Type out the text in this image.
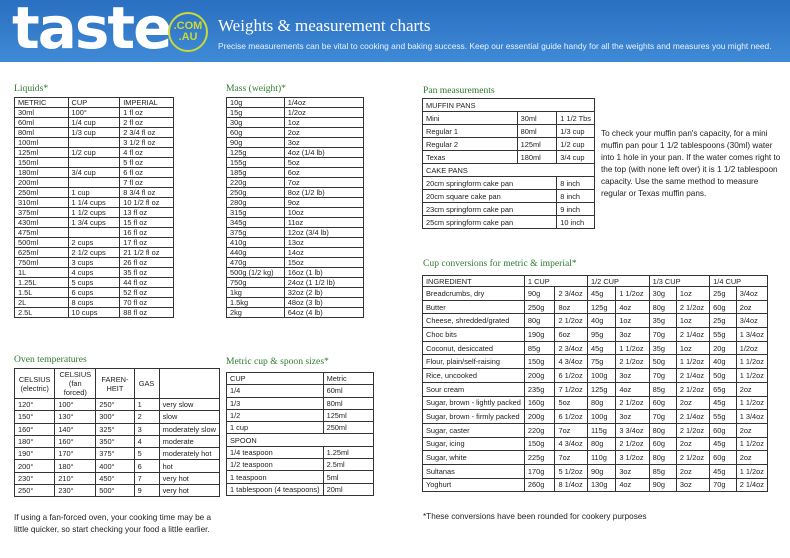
taste .COM
.AU
Weights & measurement charts
Precise measurements can be vital to cooking and baking success. Keep our essential guide handy for all the weights and measures you might need.
Liquids*
METRIC	CUP	IMPERIAL
30ml	100°	1 fl oz
60ml	1/4 cup	2 fl oz
80ml	1/3 cup	2 3/4 fl oz
100ml		3 1/2 fl oz
125ml	1/2 cup	4 fl oz
150ml		5 fl oz
180ml	3/4 cup	6 fl oz
200ml		7 fl oz
250ml	1 cup	8 3/4 fl oz
310ml	1 1/4 cups	10 1/2 fl oz
375ml	1 1/2 cups	13 fl oz
430ml	1 3/4 cups	15 fl oz
475ml		16 fl oz
500ml	2 cups	17 fl oz
625ml	2 1/2 cups	21 1/2 fl oz
750ml	3 cups	26 fl oz
1L	4 cups	35 fl oz
1.25L	5 cups	44 fl oz
1.5L	6 cups	52 fl oz
2L	8 cups	70 fl oz
2.5L	10 cups	88 fl oz
Mass (weight)*
10g	1/4oz
15g	1/2oz
30g	1oz
60g	2oz
90g	3oz
125g	4oz (1/4 lb)
155g	5oz
185g	6oz
220g	7oz
250g	8oz (1/2 lb)
280g	9oz
315g	10oz
345g	11oz
375g	12oz (3/4 lb)
410g	13oz
440g	14oz
470g	15oz
500g (1/2 kg)	16oz (1 lb)
750g	24oz (1 1/2 lb)
1kg	32oz (2 lb)
1.5kg	48oz (3 lb)
2kg	64oz (4 lb)
Pan measurements
MUFFIN PANS		
Mini	30ml	1 1/2 Tbs
Regular 1	80ml	1/3 cup
Regular 2	125ml	1/2 cup
Texas	180ml	3/4 cup
CAKE PANS		
20cm springform cake pan		8 inch
20cm square cake pan		8 inch
23cm springform cake pan		9 inch
25cm springform cake pan		10 inch
To check your muffin pan's capacity, for a mini muffin pan pour 1 1/2 tablespoons (30ml) water into 1 hole in your pan. If the water comes right to the top (with none left over) it is 1 1/2 tablespoon capacity. Use the same method to measure regular or Texas muffin pans.
Oven temperatures
CELSIUS (electric)	CELSIUS (fan forced)	FAREN- HEIT	GAS	
120°	100°	250°	1	very slow
150°	130°	300°	2	slow
160°	140°	325°	3	moderately slow
180°	160°	350°	4	moderate
190°	170°	375°	5	moderately hot
200°	180°	400°	6	hot
230°	210°	450°	7	very hot
250°	230°	500°	9	very hot
If using a fan-forced oven, your cooking time may be a little quicker, so start checking your food a little earlier.
Metric cup & spoon sizes*
CUP	Metric
1/4	60ml
1/3	80ml
1/2	125ml
1 cup	250ml
SPOON	
1/4 teaspoon	1.25ml
1/2 teaspoon	2.5ml
1 teaspoon	5ml
1 tablespoon (4 teaspoons)	20ml
Cup conversions for metric & imperial*
INGREDIENT	1 CUP		1/2 CUP		1/3 CUP		1/4 CUP	
Breadcrumbs, dry	90g	2 3/4oz	45g	1 1/2oz	30g	1oz	25g	3/4oz
Butter	250g	8oz	125g	4oz	80g	2 1/2oz	60g	2oz
Cheese, shredded/grated	80g	2 1/2oz	40g	1oz	35g	1oz	25g	3/4oz
Choc bits	190g	6oz	95g	3oz	70g	2 1/4oz	55g	1 3/4oz
Coconut, desiccated	85g	2 3/4oz	45g	1 1/2oz	35g	1oz	20g	1/2oz
Flour, plain/self-raising	150g	4 3/4oz	75g	2 1/2oz	50g	1 1/2oz	40g	1 1/2oz
Rice, uncooked	200g	6 1/2oz	100g	3oz	70g	2 1/4oz	50g	1 1/2oz
Sour cream	235g	7 1/2oz	125g	4oz	85g	2 1/2oz	65g	2oz
Sugar, brown - lightly packed	160g	5oz	80g	2 1/2oz	60g	2oz	45g	1 1/2oz
Sugar, brown - firmly packed	200g	6 1/2oz	100g	3oz	70g	2 1/4oz	55g	1 3/4oz
Sugar, caster	220g	7oz	115g	3 3/4oz	80g	2 1/2oz	60g	2oz
Sugar, icing	150g	4 3/4oz	80g	2 1/2oz	60g	2oz	45g	1 1/2oz
Sugar, white	225g	7oz	110g	3 1/2oz	80g	2 1/2oz	60g	2oz
Sultanas	170g	5 1/2oz	90g	3oz	85g	2oz	45g	1 1/2oz
Yoghurt	260g	8 1/4oz	130g	4oz	90g	3oz	70g	2 1/4oz
*These conversions have been rounded for cookery purposes
